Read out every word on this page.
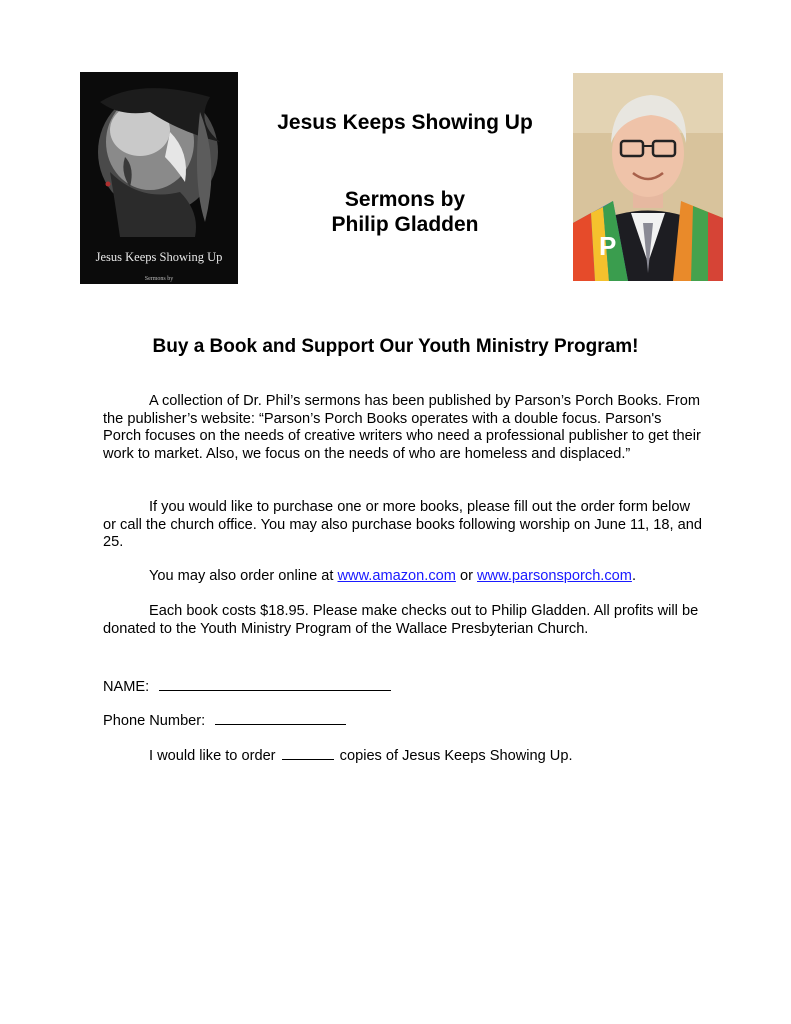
Jesus Keeps Showing Up
Sermons by
Jesus Keeps Showing Up
Sermons by
Philip Gladden
P
Buy a Book and Support Our Youth Ministry Program!

A collection of Dr. Phil’s sermons has been published by Parson’s Porch Books. From the publisher’s website: “Parson’s Porch Books operates with a double focus. Parson's Porch focuses on the needs of creative writers who need a professional publisher to get their work to market. Also, we focus on the needs of who are homeless and displaced.”

If you would like to purchase one or more books, please fill out the order form below or call the church office. You may also purchase books following worship on June 11, 18, and 25.

You may also order online at www.amazon.com or www.parsonsporch.com.

Each book costs $18.95. Please make checks out to Philip Gladden. All profits will be donated to the Youth Ministry Program of the Wallace Presbyterian Church.

NAME:
Phone Number:
I would like to order	copies of Jesus Keeps Showing Up.
